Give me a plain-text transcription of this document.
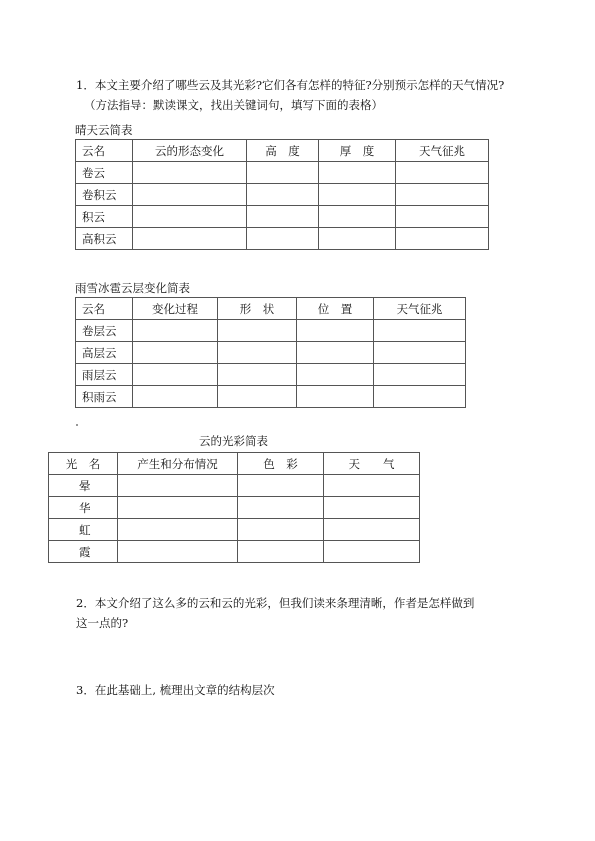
1．本文主要介绍了哪些云及其光彩?它们各有怎样的特征?分别预示怎样的天气情况?
（方法指导：默读课文，找出关键词句，填写下面的表格）
晴天云简表
云名	云的形态变化	高　度	厚　度	天气征兆
卷云				
卷积云				
积云				
高积云				
雨雪冰雹云层变化简表
云名	变化过程	形　状	位　置	天气征兆
卷层云				
高层云				
雨层云				
积雨云				
云的光彩简表
光　名	产生和分布情况	色　彩	天　　气
晕			
华			
虹			
霞			
2．本文介绍了这么多的云和云的光彩，但我们读来条理清晰，作者是怎样做到
这一点的?
3．在此基础上, 梳理出文章的结构层次
